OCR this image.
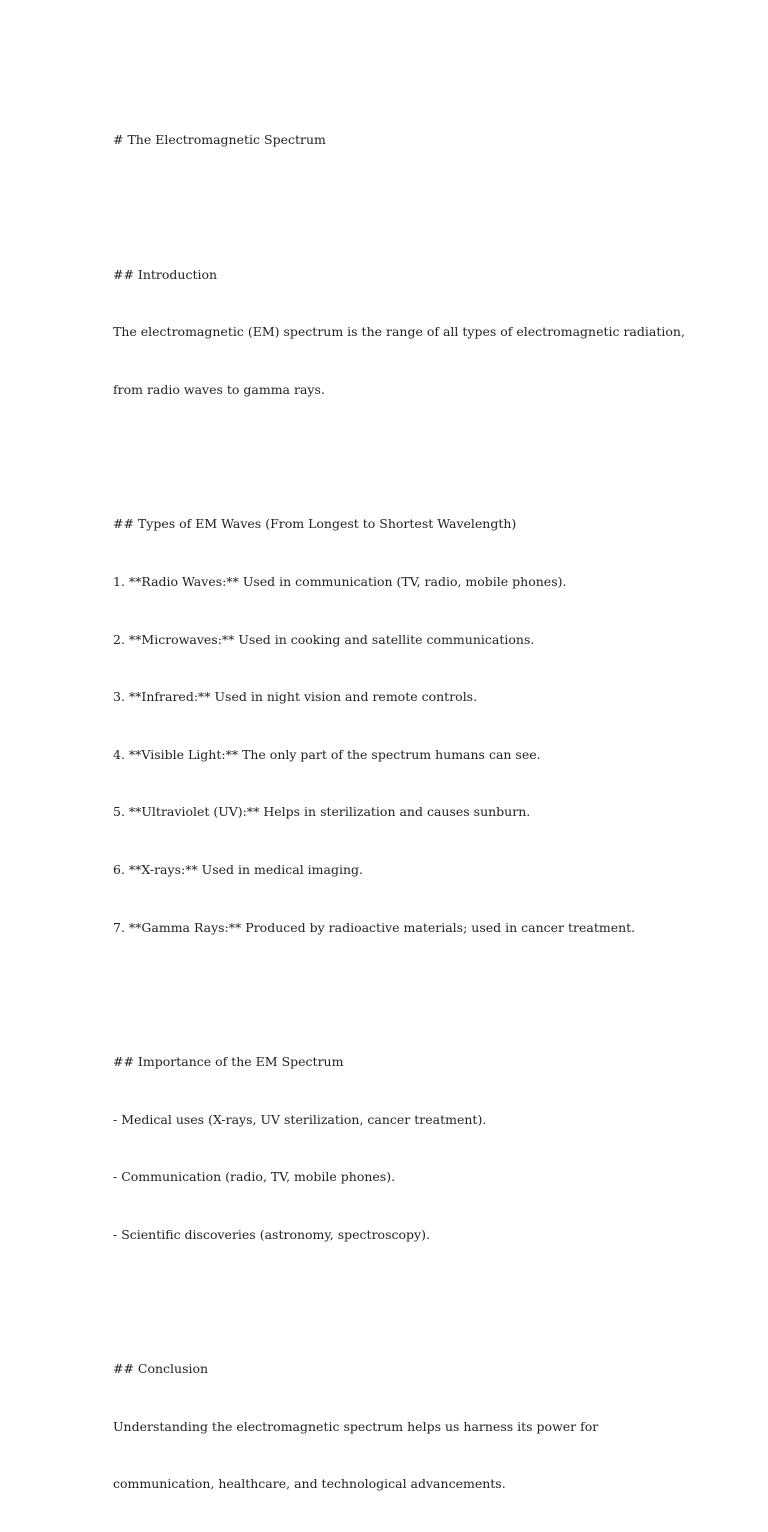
# The Electromagnetic Spectrum

## Introduction

The electromagnetic (EM) spectrum is the range of all types of electromagnetic radiation,

from radio waves to gamma rays.

## Types of EM Waves (From Longest to Shortest Wavelength)

1. **Radio Waves:** Used in communication (TV, radio, mobile phones).

2. **Microwaves:** Used in cooking and satellite communications.

3. **Infrared:** Used in night vision and remote controls.

4. **Visible Light:** The only part of the spectrum humans can see.

5. **Ultraviolet (UV):** Helps in sterilization and causes sunburn.

6. **X-rays:** Used in medical imaging.

7. **Gamma Rays:** Produced by radioactive materials; used in cancer treatment.

## Importance of the EM Spectrum

- Medical uses (X-rays, UV sterilization, cancer treatment).

- Communication (radio, TV, mobile phones).

- Scientific discoveries (astronomy, spectroscopy).

## Conclusion

Understanding the electromagnetic spectrum helps us harness its power for

communication, healthcare, and technological advancements.
